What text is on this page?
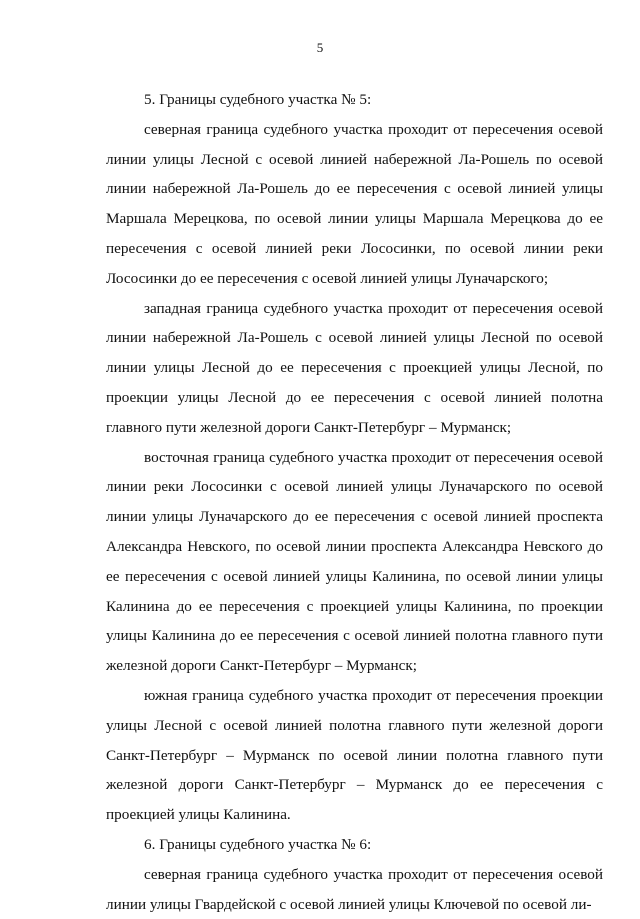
5

5. Границы судебного участка № 5:

северная граница судебного участка проходит от пересечения осевой линии улицы Лесной с осевой линией набережной Ла-Рошель по осевой линии набережной Ла-Рошель до ее пересечения с осевой линией улицы Маршала Мерецкова, по осевой линии улицы Маршала Мерецкова до ее пересечения с осевой линией реки Лососинки, по осевой линии реки Лососинки до ее пересечения с осевой линией улицы Луначарского;

западная граница судебного участка проходит от пересечения осевой линии набережной Ла-Рошель с осевой линией улицы Лесной по осевой линии улицы Лесной до ее пересечения с проекцией улицы Лесной, по проекции улицы Лесной до ее пересечения с осевой линией полотна главного пути железной дороги Санкт-Петербург – Мурманск;

восточная граница судебного участка проходит от пересечения осевой линии реки Лососинки с осевой линией улицы Луначарского по осевой линии улицы Луначарского до ее пересечения с осевой линией проспекта Александра Невского, по осевой линии проспекта Александра Невского до ее пересечения с осевой линией улицы Калинина, по осевой линии улицы Калинина до ее пересечения с проекцией улицы Калинина, по проекции улицы Калинина до ее пересечения с осевой линией полотна главного пути железной дороги Санкт-Петербург – Мурманск;

южная граница судебного участка проходит от пересечения проекции улицы Лесной с осевой линией полотна главного пути железной дороги Санкт-Петербург – Мурманск по осевой линии полотна главного пути железной дороги Санкт-Петербург – Мурманск до ее пересечения с проекцией улицы Калинина.

6. Границы судебного участка № 6:

северная граница судебного участка проходит от пересечения осевой линии улицы Гвардейской с осевой линией улицы Ключевой по осевой ли-
